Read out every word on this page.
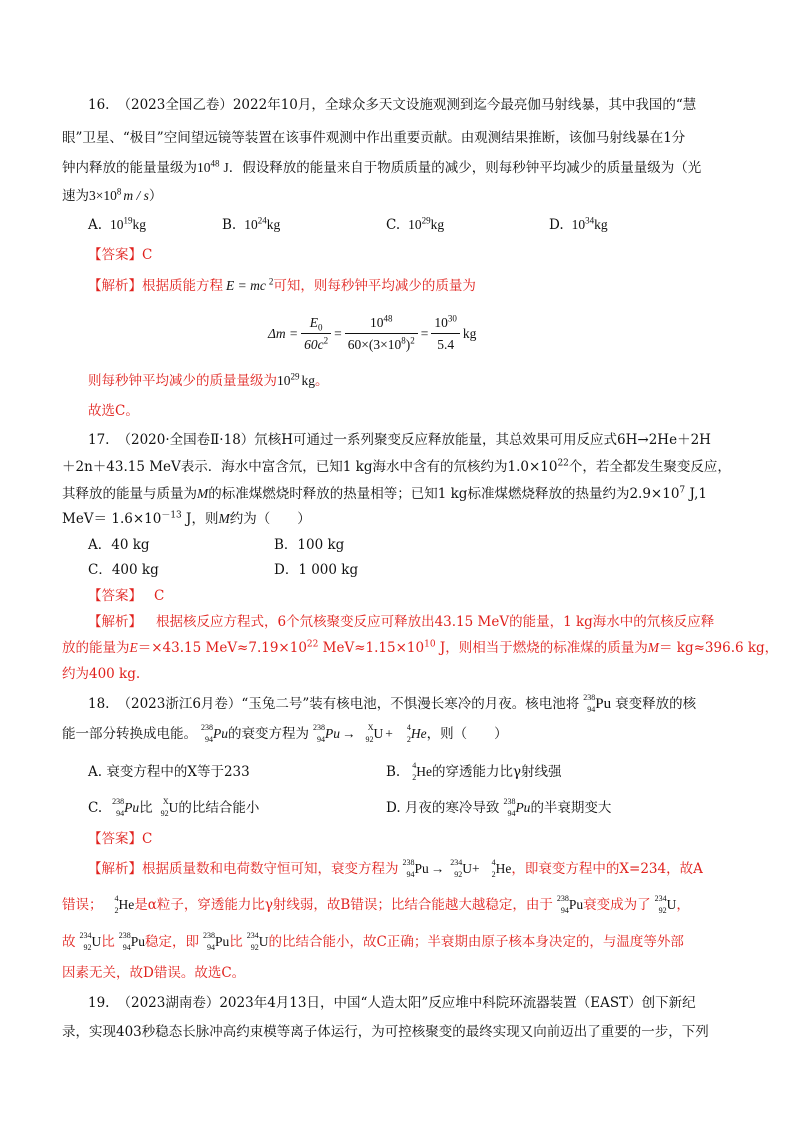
16. （2023全国乙卷）2022年10月，全球众多天文设施观测到迄今最亮伽马射线暴，其中我国的“慧
眼”卫星、“极目”空间望远镜等装置在该事件观测中作出重要贡献。由观测结果推断，该伽马射线暴在1分
钟内释放的能量量级为$10^{48}$ J．假设释放的能量来自于物质质量的减少，则每秒钟平均减少的质量量级为（光
速为$3\times 10^8$ m / s）
A. $10^{19}kg$	B. $10^{24}kg$	C. $10^{29}kg$	D. $10^{34}kg$
【答案】C
【解析】根据质能方程 E = mc $^2$可知，则每秒钟平均减少的质量为
$\Delta m = \frac{E_0}{60c^2} = \frac{10^{48}}{60\times(3\times 10^8)^2} = \frac{10^{30}}{5.4}$ kg
则每秒钟平均减少的质量量级为$10^{29}$ kg。
故选C。
17. （2020·全国卷Ⅱ·18）氘核H可通过一系列聚变反应释放能量，其总效果可用反应式6H→2He＋2H
＋2n＋43.15 MeV表示．海水中富含氘，已知1 kg海水中含有的氘核约为$1.0\times 10^{22}$个，若全都发生聚变反应，
其释放的能量与质量为M的标准煤燃烧时释放的热量相等；已知1 kg标准煤燃烧释放的热量约为$2.9\times 10^7$ J,1
$MeV= 1.6\times 10^{-13}$ J，则M约为（　　）
A．40 kg	B．100 kg
C．400 kg	D．1 000 kg
【答案】 C
【解析】 根据核反应方程式，6个氘核聚变反应可释放出43.15 MeV的能量，1 kg海水中的氘核反应释
放的能量为E＝×43.15 $MeV\approx 7.19\times 10^{22}$ $MeV\approx 1.15\times 10^{10}$ J，则相当于燃烧的标准煤的质量为M＝ kg≈396.6 kg，
约为400 kg.
18. （2023浙江6月卷）“玉兔二号”装有核电池，不惧漫长寒冷的月夜。核电池将 238
94 Pu 衰变释放的核
能一部分转换成电能。 238
94 Pu的衰变方程为 238
94 Pu → X
92 U + 4
2 He，则（　　）
A. 衰变方程中的X等于233	B. 4
2 He的穿透能力比γ射线强
C. 238
94 Pu比 X
92 U的比结合能小	D. 月夜的寒冷导致 238
94 Pu的半衰期变大
【答案】C
【解析】根据质量数和电荷数守恒可知，衰变方程为 238
94 Pu → 234
92 U+ 4
2 He，即衰变方程中的X=234，故A
错误； 4
2 He是α粒子，穿透能力比γ射线弱，故B错误；比结合能越大越稳定，由于 238
94 Pu衰变成为了 234
92 U，
故 234
92 U比 238
94 Pu稳定，即 238
94 Pu比 234
92 U的比结合能小，故C正确；半衰期由原子核本身决定的，与温度等外部
因素无关，故D错误。故选C。
19. （2023湖南卷）2023年4月13日，中国“人造太阳”反应堆中科院环流器装置（EAST）创下新纪
录，实现403秒稳态长脉冲高约束模等离子体运行，为可控核聚变的最终实现又向前迈出了重要的一步，下列
